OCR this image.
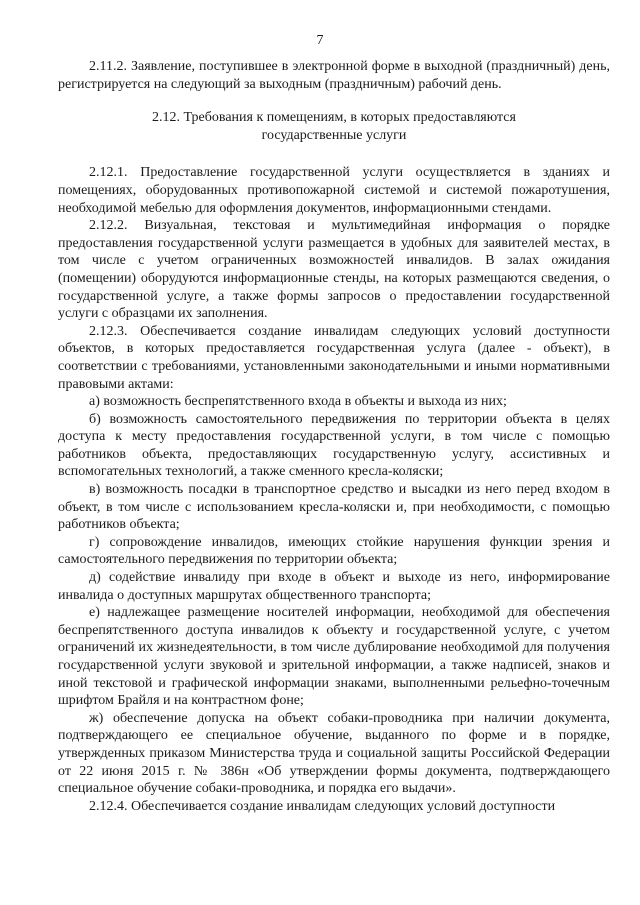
7

2.11.2. Заявление, поступившее в электронной форме в выходной (праздничный) день, регистрируется на следующий за выходным (праздничным) рабочий день.

2.12. Требования к помещениям, в которых предоставляются
государственные услуги

2.12.1. Предоставление государственной услуги осуществляется в зданиях и помещениях, оборудованных противопожарной системой и системой пожаротушения, необходимой мебелью для оформления документов, информационными стендами.

2.12.2. Визуальная, текстовая и мультимедийная информация о порядке предоставления государственной услуги размещается в удобных для заявителей местах, в том числе с учетом ограниченных возможностей инвалидов. В залах ожидания (помещении) оборудуются информационные стенды, на которых размещаются сведения, о государственной услуге, а также формы запросов о предоставлении государственной услуги с образцами их заполнения.

2.12.3. Обеспечивается создание инвалидам следующих условий доступности объектов, в которых предоставляется государственная услуга (далее - объект), в соответствии с требованиями, установленными законодательными и иными нормативными правовыми актами:

а) возможность беспрепятственного входа в объекты и выхода из них;

б) возможность самостоятельного передвижения по территории объекта в целях доступа к месту предоставления государственной услуги, в том числе с помощью работников объекта, предоставляющих государственную услугу, ассистивных и вспомогательных технологий, а также сменного кресла-коляски;

в) возможность посадки в транспортное средство и высадки из него перед входом в объект, в том числе с использованием кресла-коляски и, при необходимости, с помощью работников объекта;

г) сопровождение инвалидов, имеющих стойкие нарушения функции зрения и самостоятельного передвижения по территории объекта;

д) содействие инвалиду при входе в объект и выходе из него, информирование инвалида о доступных маршрутах общественного транспорта;

е) надлежащее размещение носителей информации, необходимой для обеспечения беспрепятственного доступа инвалидов к объекту и государственной услуге, с учетом ограничений их жизнедеятельности, в том числе дублирование необходимой для получения государственной услуги звуковой и зрительной информации, а также надписей, знаков и иной текстовой и графической информации знаками, выполненными рельефно-точечным шрифтом Брайля и на контрастном фоне;

ж) обеспечение допуска на объект собаки-проводника при наличии документа, подтверждающего ее специальное обучение, выданного по форме и в порядке, утвержденных приказом Министерства труда и социальной защиты Российской Федерации от 22 июня 2015 г. № 386н «Об утверждении формы документа, подтверждающего специальное обучение собаки-проводника, и порядка его выдачи».

2.12.4. Обеспечивается создание инвалидам следующих условий доступности
